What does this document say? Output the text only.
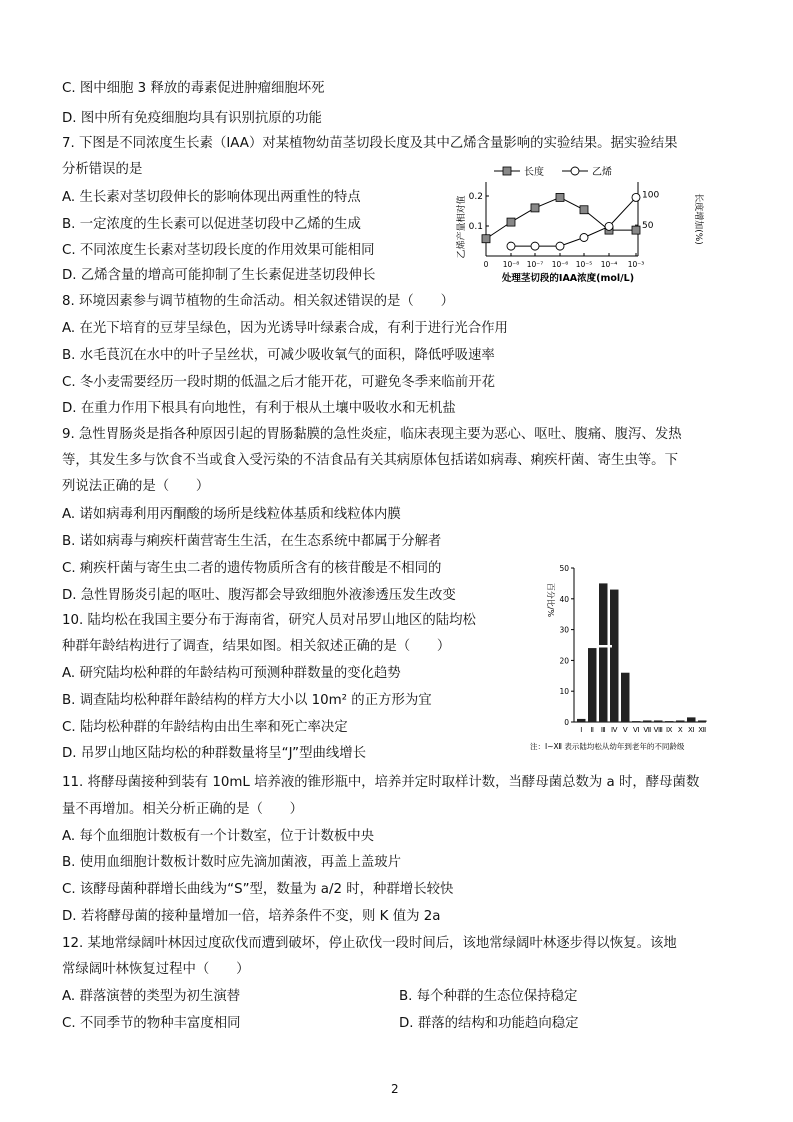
C. 图中细胞 3 释放的毒素促进肿瘤细胞坏死
D. 图中所有免疫细胞均具有识别抗原的功能
7. 下图是不同浓度生长素（IAA）对某植物幼苗茎切段长度及其中乙烯含量影响的实验结果。据实验结果
分析错误的是
A. 生长素对茎切段伸长的影响体现出两重性的特点
B. 一定浓度的生长素可以促进茎切段中乙烯的生成
C. 不同浓度生长素对茎切段长度的作用效果可能相同
D. 乙烯含量的增高可能抑制了生长素促进茎切段伸长
8. 环境因素参与调节植物的生命活动。相关叙述错误的是（　　）
A. 在光下培育的豆芽呈绿色，因为光诱导叶绿素合成，有利于进行光合作用
B. 水毛茛沉在水中的叶子呈丝状，可减少吸收氧气的面积，降低呼吸速率
C. 冬小麦需要经历一段时期的低温之后才能开花，可避免冬季来临前开花
D. 在重力作用下根具有向地性，有利于根从土壤中吸收水和无机盐
9. 急性胃肠炎是指各种原因引起的胃肠黏膜的急性炎症，临床表现主要为恶心、呕吐、腹痛、腹泻、发热
等，其发生多与饮食不当或食入受污染的不洁食品有关其病原体包括诺如病毒、痢疾杆菌、寄生虫等。下
列说法正确的是（　　）
A. 诺如病毒利用丙酮酸的场所是线粒体基质和线粒体内膜
B. 诺如病毒与痢疾杆菌营寄生生活，在生态系统中都属于分解者
C. 痢疾杆菌与寄生虫二者的遗传物质所含有的核苷酸是不相同的
D. 急性胃肠炎引起的呕吐、腹泻都会导致细胞外液渗透压发生改变
10. 陆均松在我国主要分布于海南省，研究人员对吊罗山地区的陆均松
种群年龄结构进行了调查，结果如图。相关叙述正确的是（　　）
A. 研究陆均松种群的年龄结构可预测种群数量的变化趋势
B. 调查陆均松种群年龄结构的样方大小以 10m² 的正方形为宜
C. 陆均松种群的年龄结构由出生率和死亡率决定
D. 吊罗山地区陆均松的种群数量将呈“J”型曲线增长
11. 将酵母菌接种到装有 10mL 培养液的锥形瓶中，培养并定时取样计数，当酵母菌总数为 a 时，酵母菌数
量不再增加。相关分析正确的是（　　）
A. 每个血细胞计数板有一个计数室，位于计数板中央
B. 使用血细胞计数板计数时应先滴加菌液，再盖上盖玻片
C. 该酵母菌种群增长曲线为“S”型，数量为 a/2 时，种群增长较快
D. 若将酵母菌的接种量增加一倍，培养条件不变，则 K 值为 2a
12. 某地常绿阔叶林因过度砍伐而遭到破坏，停止砍伐一段时间后，该地常绿阔叶林逐步得以恢复。该地
常绿阔叶林恢复过程中（　　）
A. 群落演替的类型为初生演替	B. 每个种群的生态位保持稳定
C. 不同季节的物种丰富度相同	D. 群落的结构和功能趋向稳定
0.1
0.2
50
100
0 10⁻⁸ 10⁻⁷ 10⁻⁶ 10⁻⁵ 10⁻⁴ 10⁻³
处理茎切段的IAA浓度(mol/L)
乙烯产量相对值	长度增加(%)
长度	乙烯
0
10
20
30
40
50
百分比/%
Ⅰ Ⅱ Ⅲ Ⅳ Ⅴ Ⅵ Ⅶ Ⅷ Ⅸ Ⅹ Ⅺ Ⅻ
注：Ⅰ~Ⅻ 表示陆均松从幼年到老年的不同龄级
2
